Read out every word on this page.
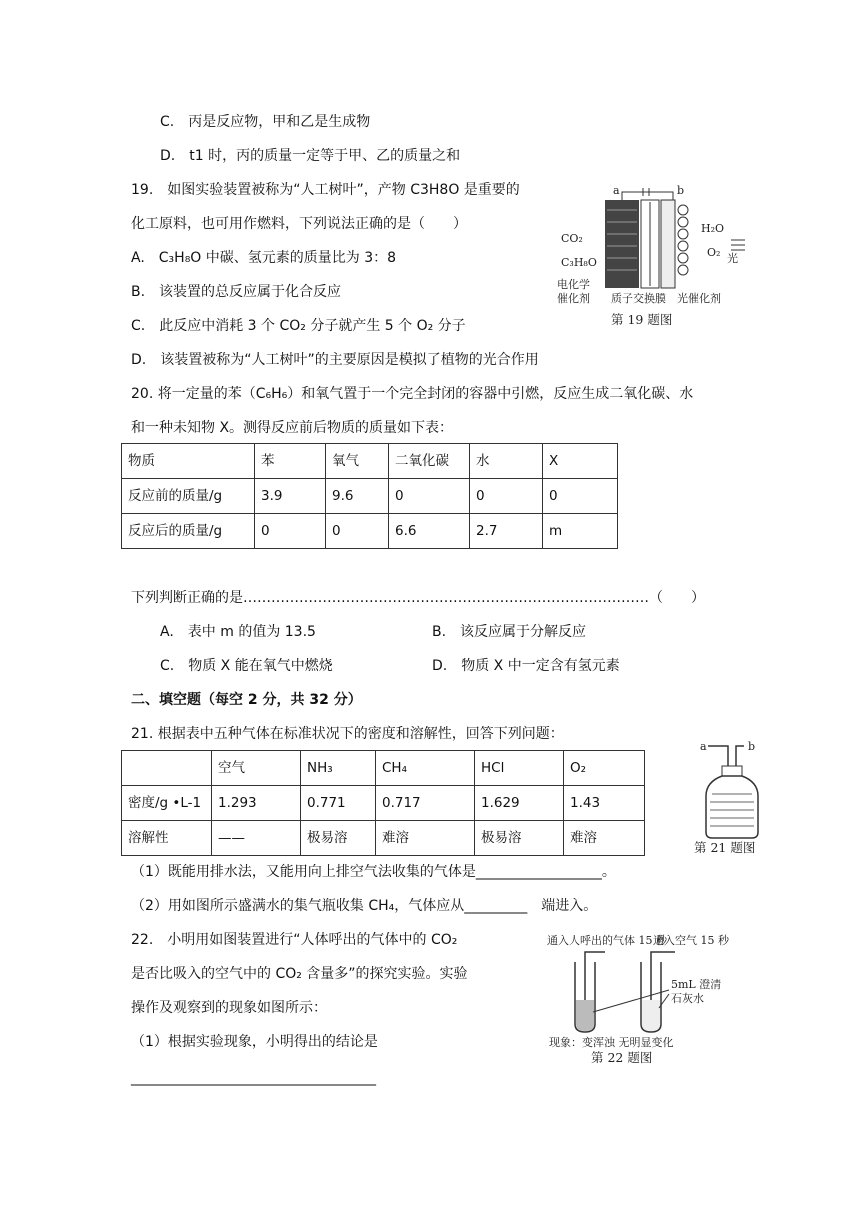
C.　丙是反应物，甲和乙是生成物
D.　t1 时，丙的质量一定等于甲、乙的质量之和
19.　如图实验装置被称为“人工树叶”，产物 C3H8O 是重要的
化工原料，也可用作燃料，下列说法正确的是（　　）
A.　C₃H₈O 中碳、氢元素的质量比为 3：8
B.　该装置的总反应属于化合反应
C.　此反应中消耗 3 个 CO₂ 分子就产生 5 个 O₂ 分子
D.　该装置被称为“人工树叶”的主要原因是模拟了植物的光合作用
a	b
CO₂
C₃H₈O
H₂O
O₂ 光
电化学
催化剂 质子交换膜 光催化剂
第 19 题图
20. 将一定量的苯（C₆H₆）和氧气置于一个完全封闭的容器中引燃，反应生成二氧化碳、水
和一种未知物 X。测得反应前后物质的质量如下表：
物质	苯	氧气	二氧化碳	水	X
反应前的质量/g	3.9	9.6	0	0	0
反应后的质量/g	0	0	6.6	2.7	m
下列判断正确的是……………………………………………………………………………（　　）
A.　表中 m 的值为 13.5	B.　该反应属于分解反应
C.　物质 X 能在氧气中燃烧	D.　物质 X 中一定含有氢元素
二、填空题（每空 2 分，共 32 分）
21. 根据表中五种气体在标准状况下的密度和溶解性，回答下列问题：
	空气	NH₃	CH₄	HCl	O₂
密度/g •L-1	1.293	0.771	0.717	1.629	1.43
溶解性	——	极易溶	难溶	极易溶	难溶
a	b
第 21 题图
（1）既能用排水法，又能用向上排空气法收集的气体是__________________。
（2）用如图所示盛满水的集气瓶收集 CH₄，气体应从_________　端进入。
22.　小明用如图装置进行“人体呼出的气体中的 CO₂
是否比吸入的空气中的 CO₂ 含量多”的探究实验。实验
操作及观察到的现象如图所示：
（1）根据实验现象，小明得出的结论是
___________________________________
通入人呼出的气体 15 秒
通入空气 15 秒
5mL 澄清
石灰水
现象：变浑浊 无明显变化
第 22 题图
